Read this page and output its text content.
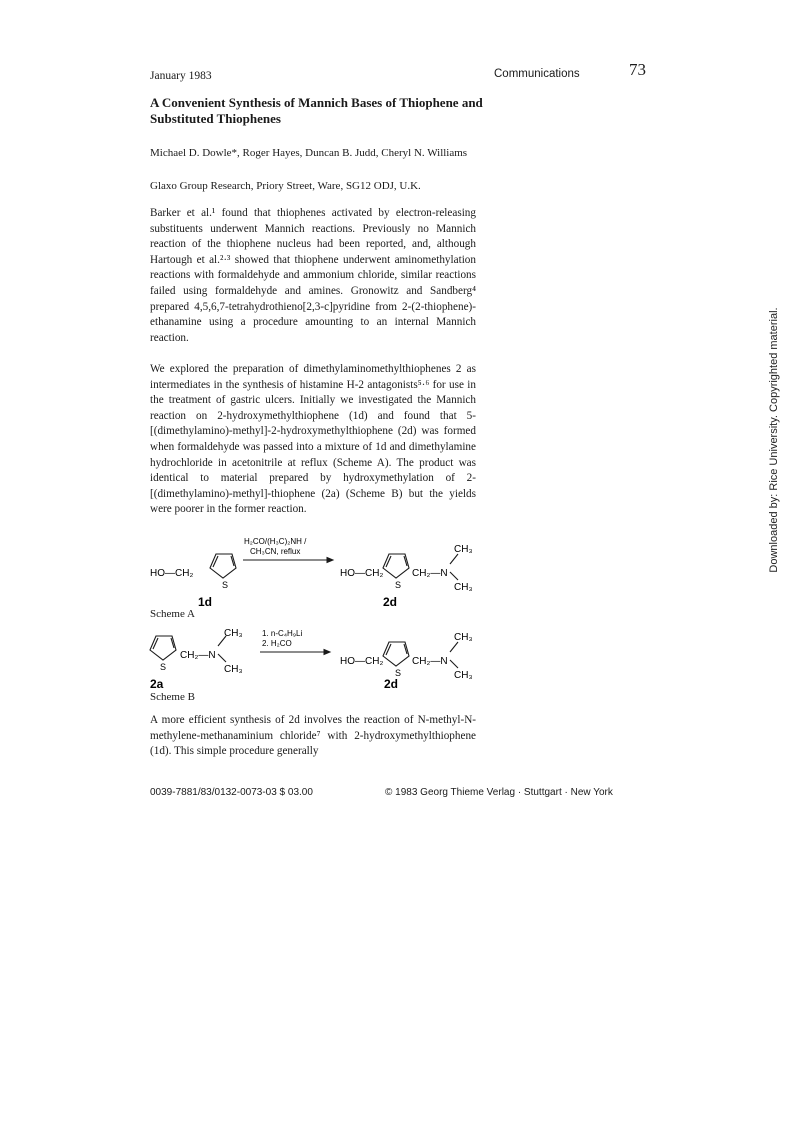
January 1983	Communications	73
A Convenient Synthesis of Mannich Bases of Thiophene and Substituted Thiophenes
Michael D. Dowle*, Roger Hayes, Duncan B. Judd, Cheryl N. Williams
Glaxo Group Research, Priory Street, Ware, SG12 ODJ, U.K.
Barker et al.¹ found that thiophenes activated by electron-releasing substituents underwent Mannich reactions. Previously no Mannich reaction of the thiophene nucleus had been reported, and, although Hartough et al.²·³ showed that thiophene underwent aminomethylation reactions with formaldehyde and ammonium chloride, similar reactions failed using formaldehyde and amines. Gronowitz and Sandberg⁴ prepared 4,5,6,7-tetrahydrothieno[2,3-c]pyridine from 2-(2-thiophene)-ethanamine using a procedure amounting to an internal Mannich reaction.
We explored the preparation of dimethylaminomethylthiophenes 2 as intermediates in the synthesis of histamine H-2 antagonists⁵·⁶ for use in the treatment of gastric ulcers. Initially we investigated the Mannich reaction on 2-hydroxymethylthiophene (1d) and found that 5-[(dimethylamino)-methyl]-2-hydroxymethylthiophene (2d) was formed when formaldehyde was passed into a mixture of 1d and dimethylamine hydrochloride in acetonitrile at reflux (Scheme A). The product was identical to material prepared by hydroxymethylation of 2-[(dimethylamino)-methyl]-thiophene (2a) (Scheme B) but the yields were poorer in the former reaction.
HO—CH₂
S
H₂CO/(H₃C)₂NH /
CH₃CN, reflux
HO—CH₂
S
CH₂—N
CH₃
CH₃
1d	2d
Scheme A
S
CH₂—N
CH₃
CH₃
1. n-C₄H₉Li
2. H₂CO
HO—CH₂
S
CH₂—N
CH₃
CH₃
2a	2d
Scheme B
A more efficient synthesis of 2d involves the reaction of N-methyl-N-methylene-methanaminium chloride⁷ with 2-hydroxymethylthiophene (1d). This simple procedure generally
0039-7881/83/0132-0073-03 $ 03.00	© 1983 Georg Thieme Verlag · Stuttgart · New York
Downloaded by: Rice University. Copyrighted material.
